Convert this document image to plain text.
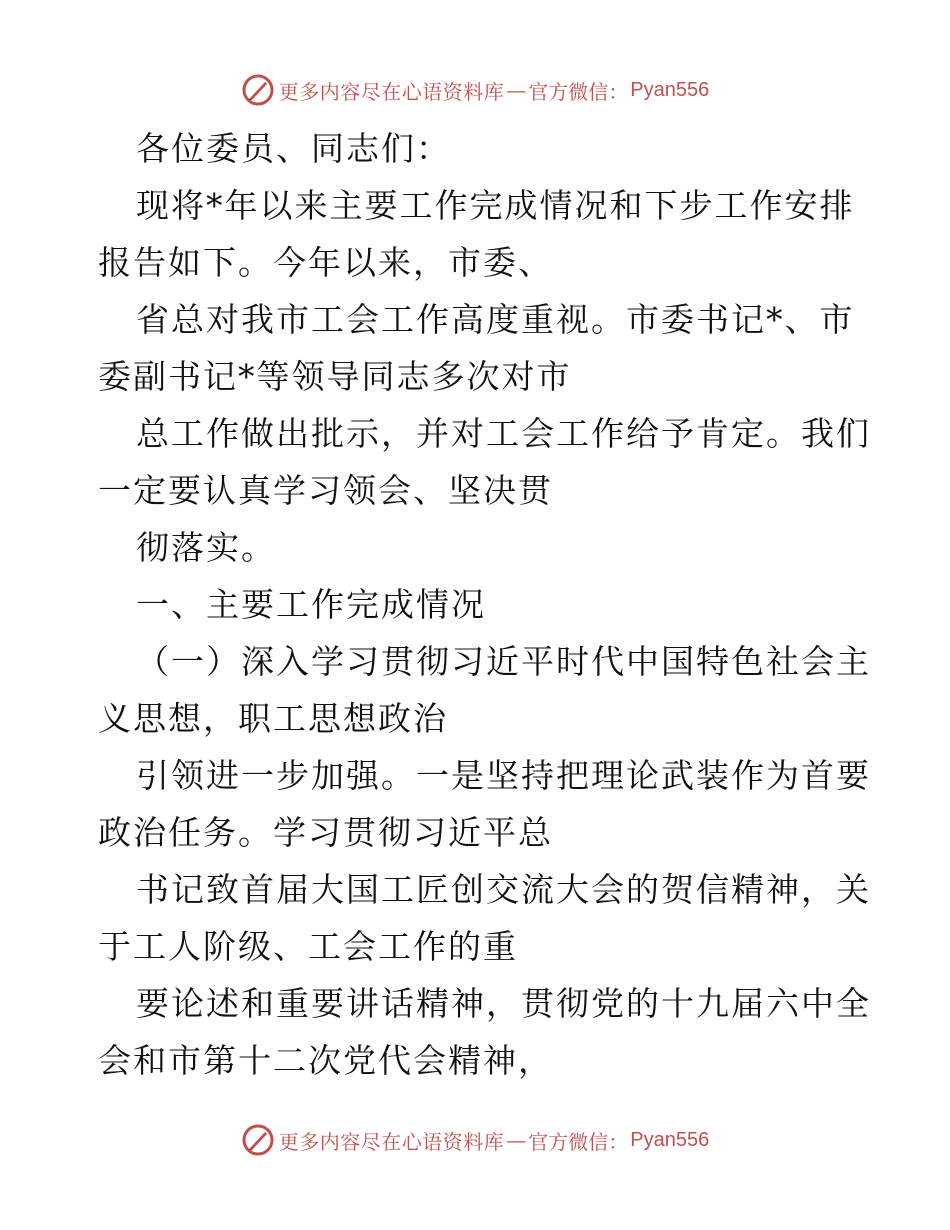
更多内容尽在心语资料库 — 官方微信： Pyan556
各位委员、同志们：
现将*年以来主要工作完成情况和下步工作安排
报告如下。今年以来，市委、
省总对我市工会工作高度重视。市委书记*、市
委副书记*等领导同志多次对市
总工作做出批示，并对工会工作给予肯定。我们
一定要认真学习领会、坚决贯
彻落实。
一、主要工作完成情况
（一）深入学习贯彻习近平时代中国特色社会主
义思想，职工思想政治
引领进一步加强。一是坚持把理论武装作为首要
政治任务。学习贯彻习近平总
书记致首届大国工匠创交流大会的贺信精神，关
于工人阶级、工会工作的重
要论述和重要讲话精神，贯彻党的十九届六中全
会和市第十二次党代会精神，
更多内容尽在心语资料库 — 官方微信： Pyan556
